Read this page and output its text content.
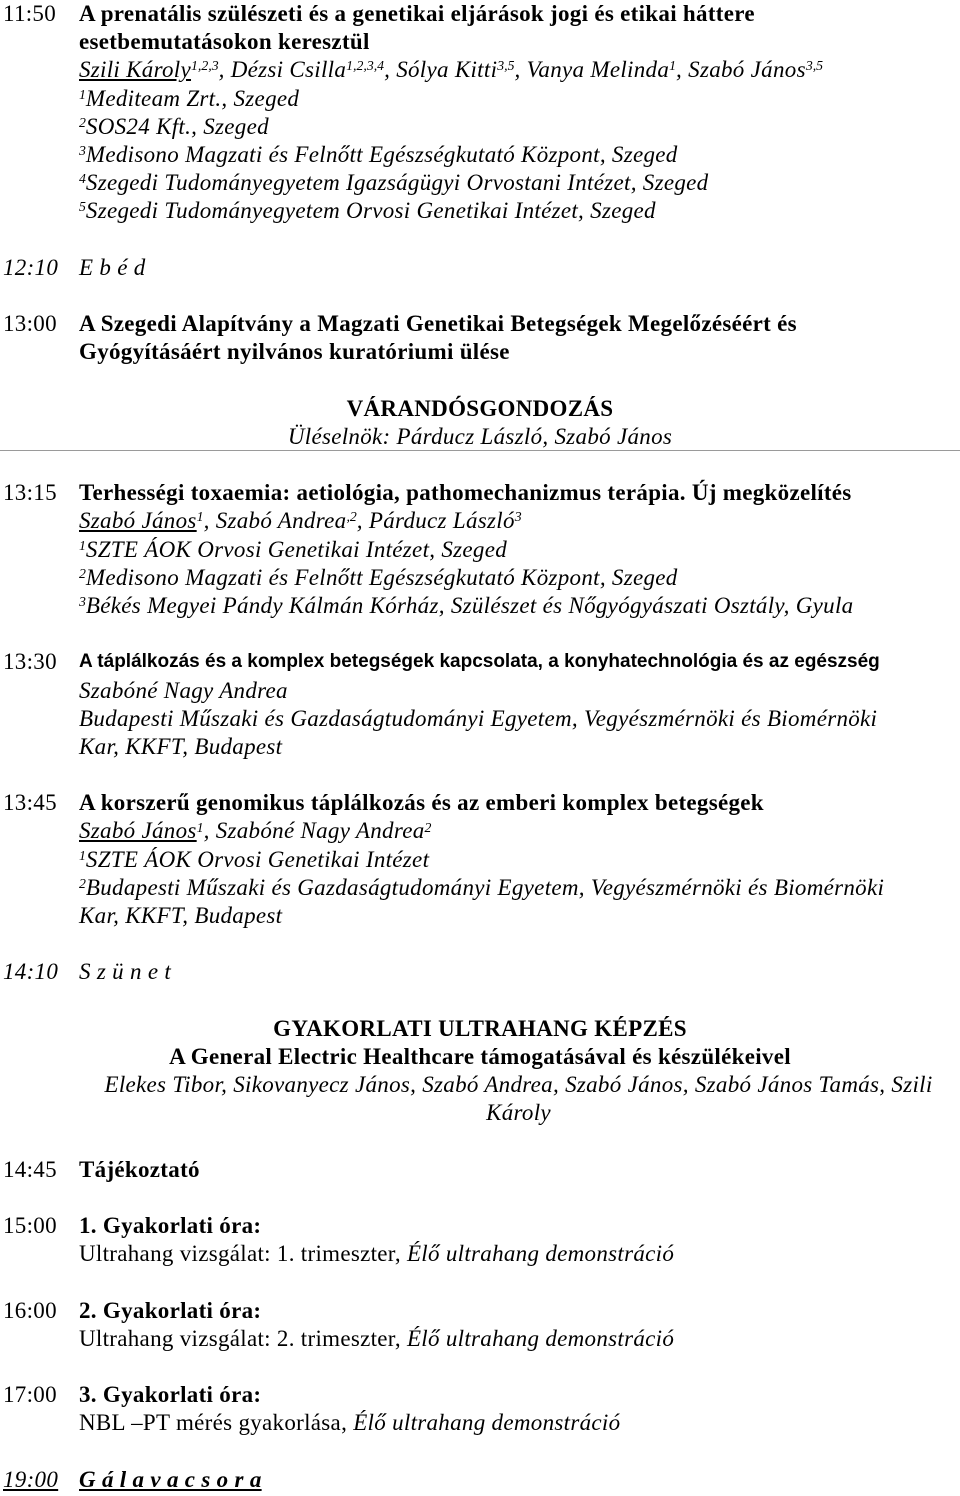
11:50 A prenatális szülészeti és a genetikai eljárások jogi és etikai háttere
esetbemutatásokon keresztül
Szili Károly$^{1,2,3}$, Dézsi Csilla$^{1,2,3,4}$, Sólya Kitti$^{3,5}$, Vanya Melinda$^1$, Szabó János$^{3,5}$
$^1$Mediteam Zrt., Szeged
$^2$SOS24 Kft., Szeged
$^3$Medisono Magzati és Felnőtt Egészségkutató Központ, Szeged
$^4$Szegedi Tudományegyetem Igazságügyi Orvostani Intézet, Szeged
$^5$Szegedi Tudományegyetem Orvosi Genetikai Intézet, Szeged
12:10 E b é d
13:00 A Szegedi Alapítvány a Magzati Genetikai Betegségek Megelőzéséért és
Gyógyításáért nyilvános kuratóriumi ülése
VÁRANDÓSGONDOZÁS
Üléselnök: Párducz László, Szabó János
13:15 Terhességi toxaemia: aetiológia, pathomechanizmus terápia. Új megközelítés
Szabó János$^1$, Szabó Andrea$^{,2}$, Párducz László$^3$
$^1$SZTE ÁOK Orvosi Genetikai Intézet, Szeged
$^2$Medisono Magzati és Felnőtt Egészségkutató Központ, Szeged
$^3$Békés Megyei Pándy Kálmán Kórház, Szülészet és Nőgyógyászati Osztály, Gyula
13:30	A táplálkozás és a komplex betegségek kapcsolata, a konyhatechnológia és az egészség
Szabóné Nagy Andrea
Budapesti Műszaki és Gazdaságtudományi Egyetem, Vegyészmérnöki és Biomérnöki
Kar, KKFT, Budapest
13:45 A korszerű genomikus táplálkozás és az emberi komplex betegségek
Szabó János$^1$, Szabóné Nagy Andrea$^2$
$^1$SZTE ÁOK Orvosi Genetikai Intézet
$^2$Budapesti Műszaki és Gazdaságtudományi Egyetem, Vegyészmérnöki és Biomérnöki
Kar, KKFT, Budapest
14:10 S z ü n e t
GYAKORLATI ULTRAHANG KÉPZÉS
A General Electric Healthcare támogatásával és készülékeivel
Elekes Tibor, Sikovanyecz János, Szabó Andrea, Szabó János, Szabó János Tamás, Szili
Károly
14:45 Tájékoztató
15:00 1. Gyakorlati óra:
Ultrahang vizsgálat: 1. trimeszter, Élő ultrahang demonstráció
16:00 2. Gyakorlati óra:
Ultrahang vizsgálat: 2. trimeszter, Élő ultrahang demonstráció
17:00 3. Gyakorlati óra:
NBL –PT mérés gyakorlása, Élő ultrahang demonstráció
19:00 G á l a v a c s o r a
